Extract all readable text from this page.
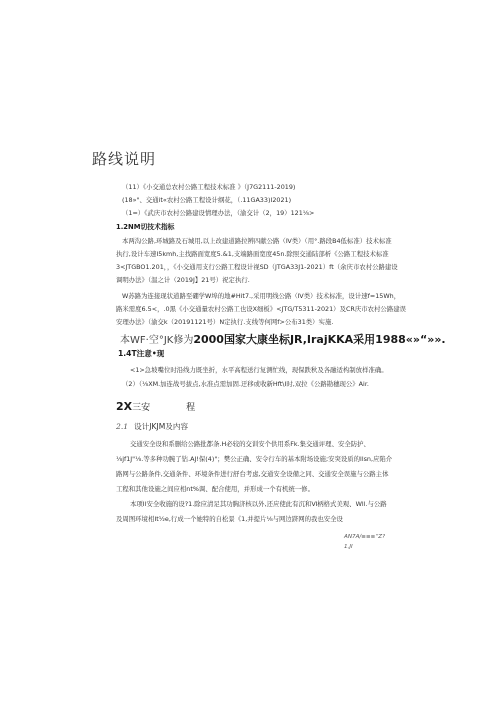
路线说明
（11）《小交通总农村公路工程技术标准 》（J7G2111-2019)
(18»"、交通it«农村公路工程设计纲花，（.11GA33)I2021)
（1=）《武庆市农村公路建设情理办法，（渝交计（2，19）121⅛>
1.2NM切技术指标
本两沟公路,环城路及石城用,以上改建道路拉辨四献公路（Ⅳ类）（用°.路段B4低标准）技术标准
执行,设计车速I5kmh,主找路面宽度5.&1,支端路面宽度45n.除照交通陆部析《公路工程技术标准
3<JTGBO1.201，，《小交通用支行公路工程设计视SD（JTGA33J1-2021）ft（余庆市农村公路建设
调明办法》（温之计（2019J】21号）祝定执行.
W苏路为连接现状道路至硼学W埠的地#Hit7.,采用明线公路（Ⅳ类）技术标准，设计速f=15Wh，
路米需度6.5<，.0黑《小交通量农村公路工也设X细板》<JTG/T5311-2021）及CR庆市农村公路建误
安理办法》（渝交k（20191121号）N定执行.支线等何网f>公布31类）实施.
本WF·空°JK修为2000国家大康坐标JR,IrajKKA采用1988«»“»».
1.4T注意•现
<1>急坡嘴位时沿线力既坐折，水平高程送行复测忙线，现保跌秋及各融适构制放样准确。
（2）（⅛XM.加连战号拔点,水准点需加固.迂移或收新Hft\I时,双拉《公路勘穗现公》Air.
2X三安	程
2.1 设计JKJM及内容
交通安全设和系删给公路批都条.H必较的交训安个供用系Fk.集交通评理、安全防护、
⅛jf1J"⅛.等多种功腕了钻.AJ!保(4)"；樊公正确、安令行车的基本附场设施;安突设质的llsn,应陷介
路网与公路条件,交通条件、环境条件进行舒台考虑,交通安全设備之同、交通安全误施与公路主体
工程和其他设施之间应相nt%调、配合使用，并形成一个有机统一修。
本项Il安全收施的设?1.除应清足其功胸济核以外,还应使此有沉和Ⅵ柄格式美观、Wll.与公路
及周图环境相It½e,行成一个她特的自松景《1,并提片⅛与网边跻网的我也安全设
AN7A∕≡≡≡“Z?
1.JI
